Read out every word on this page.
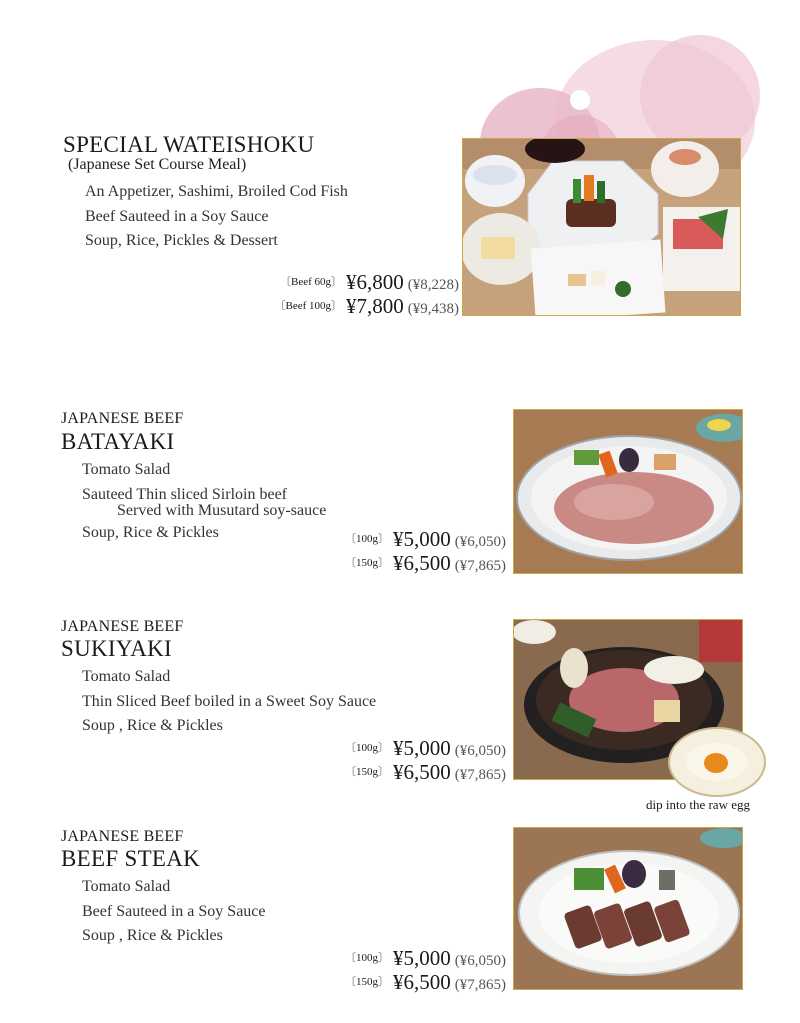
SPECIAL WATEISHOKU
(Japanese Set Course Meal)
An Appetizer, Sashimi, Broiled Cod Fish
Beef Sauteed in a Soy Sauce
Soup, Rice, Pickles & Dessert
$^{〔Beef 60g〕}$ ¥6,800 (¥8,228)
$^{〔Beef 100g〕}$ ¥7,800 (¥9,438)
JAPANESE BEEF
BATAYAKI
Tomato Salad
Sauteed Thin sliced Sirloin beef
Served with Musutard soy-sauce
Soup, Rice & Pickles	$^{〔100g〕}$ ¥5,000 (¥6,050)
$^{〔150g〕}$ ¥6,500 (¥7,865)
JAPANESE BEEF
SUKIYAKI
Tomato Salad
Thin Sliced Beef boiled in a Sweet Soy Sauce
Soup , Rice & Pickles
$^{〔100g〕}$ ¥5,000 (¥6,050)
$^{〔150g〕}$ ¥6,500 (¥7,865)
dip into the raw egg
JAPANESE BEEF
BEEF STEAK
Tomato Salad
Beef Sauteed in a Soy Sauce
Soup , Rice & Pickles
$^{〔100g〕}$ ¥5,000 (¥6,050)
$^{〔150g〕}$ ¥6,500 (¥7,865)
